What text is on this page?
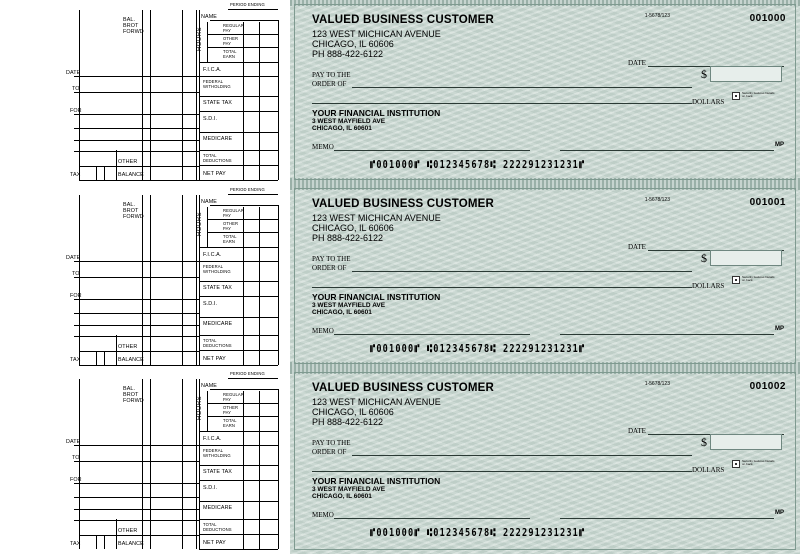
PERIOD ENDING
NAME
BAL.
BROT
FORWD	HOURS
REGULAR
PAY
OTHER
PAY
TOTAL
EARN
F.I.C.A.
FEDERAL
WITHOLDING
STATE TAX
S.D.I.
MEDICARE
TOTAL
DEDUCTIONS
NET PAY
DATE
TO
FOR
OTHER
TAX	BALANCE
PERIOD ENDING
NAME
BAL.
BROT
FORWD	HOURS
REGULAR
PAY
OTHER
PAY
TOTAL
EARN
F.I.C.A.
FEDERAL
WITHOLDING
STATE TAX
S.D.I.
MEDICARE
TOTAL
DEDUCTIONS
NET PAY
DATE
TO
FOR
OTHER
TAX	BALANCE
PERIOD ENDING
NAME
BAL.
BROT
FORWD	HOURS
REGULAR
PAY
OTHER
PAY
TOTAL
EARN
F.I.C.A.
FEDERAL
WITHOLDING
STATE TAX
S.D.I.
MEDICARE
TOTAL
DEDUCTIONS
NET PAY
DATE
TO
FOR
OTHER
TAX	BALANCE
VALUED BUSINESS CUSTOMER
123 WEST MICHICAN AVENUE
CHICAGO, IL 60606
PH 888-422-6122
1-5678/123	001000
DATE
PAY TO THE
ORDER OF
$
DOLLARS
Security features Details on back.
YOUR FINANCIAL INSTITUTION
3 WEST MAYFIELD AVE
CHICAGO, IL 60601
MEMO	MP
⑈001000⑈ ⑆012345678⑆ 222291231231⑈
VALUED BUSINESS CUSTOMER
123 WEST MICHICAN AVENUE
CHICAGO, IL 60606
PH 888-422-6122
1-5678/123	001001
DATE
PAY TO THE
ORDER OF
$
DOLLARS
Security features Details on back.
YOUR FINANCIAL INSTITUTION
3 WEST MAYFIELD AVE
CHICAGO, IL 60601
MEMO	MP
⑈001000⑈ ⑆012345678⑆ 222291231231⑈
VALUED BUSINESS CUSTOMER
123 WEST MICHICAN AVENUE
CHICAGO, IL 60606
PH 888-422-6122
1-5678/123	001002
DATE
PAY TO THE
ORDER OF
$
DOLLARS
Security features Details on back.
YOUR FINANCIAL INSTITUTION
3 WEST MAYFIELD AVE
CHICAGO, IL 60601
MEMO	MP
⑈001000⑈ ⑆012345678⑆ 222291231231⑈
